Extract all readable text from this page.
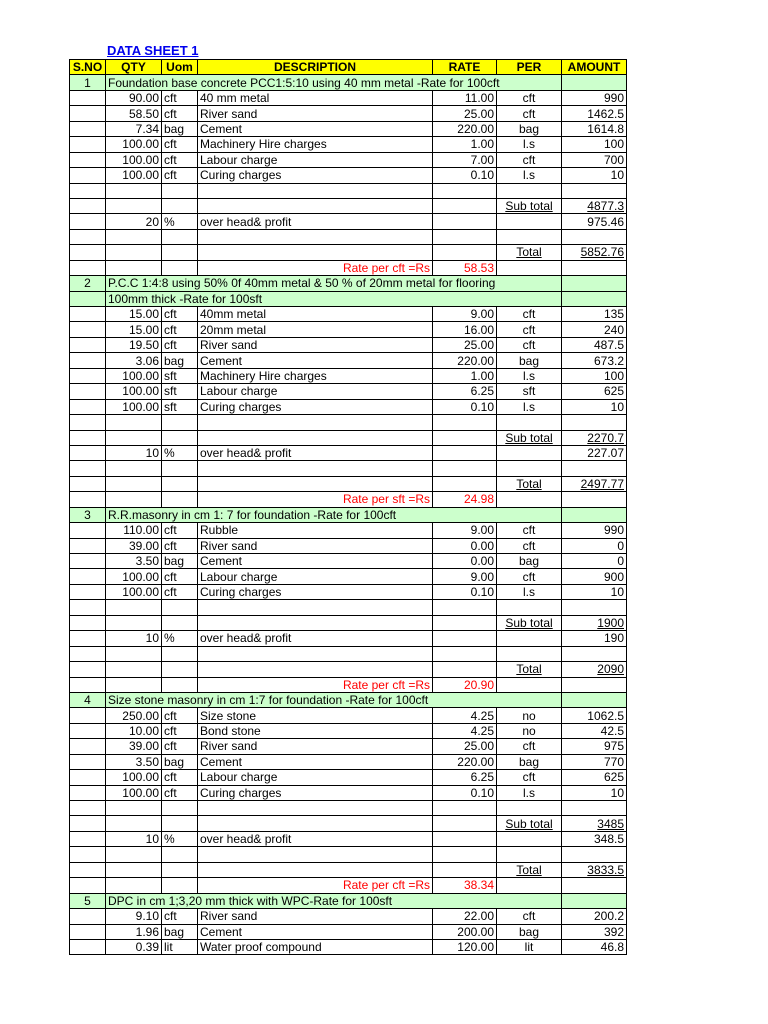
DATA SHEET 1
S.NO	QTY	Uom	DESCRIPTION	RATE	PER	AMOUNT
1	Foundation base concrete PCC1:5:10 using 40 mm metal -Rate for 100cft					
	90.00	cft	40 mm metal	11.00	cft	990
	58.50	cft	River sand	25.00	cft	1462.5
	7.34	bag	Cement	220.00	bag	1614.8
	100.00	cft	Machinery Hire charges	1.00	l.s	100
	100.00	cft	Labour charge	7.00	cft	700
	100.00	cft	Curing charges	0.10	l.s	10

					Sub total	4877.3
	20	%	over head& profit			975.46

					Total	5852.76
			Rate per cft =Rs	58.53		
2	P.C.C 1:4:8 using 50% 0f 40mm metal & 50 % of 20mm metal for flooring					
	100mm thick -Rate for 100sft					
	15.00	cft	40mm metal	9.00	cft	135
	15.00	cft	20mm metal	16.00	cft	240
	19.50	cft	River sand	25.00	cft	487.5
	3.06	bag	Cement	220.00	bag	673.2
	100.00	sft	Machinery Hire charges	1.00	l.s	100
	100.00	sft	Labour charge	6.25	sft	625
	100.00	sft	Curing charges	0.10	l.s	10

					Sub total	2270.7
	10	%	over head& profit			227.07

					Total	2497.77
			Rate per sft =Rs	24.98		
3	R.R.masonry in cm 1: 7 for foundation -Rate for 100cft					
	110.00	cft	Rubble	9.00	cft	990
	39.00	cft	River sand	0.00	cft	0
	3.50	bag	Cement	0.00	bag	0
	100.00	cft	Labour charge	9.00	cft	900
	100.00	cft	Curing charges	0.10	l.s	10

					Sub total	1900
	10	%	over head& profit			190

					Total	2090
			Rate per cft =Rs	20.90		
4	Size stone masonry in cm 1:7 for foundation -Rate for 100cft					
	250.00	cft	Size stone	4.25	no	1062.5
	10.00	cft	Bond stone	4.25	no	42.5
	39.00	cft	River sand	25.00	cft	975
	3.50	bag	Cement	220.00	bag	770
	100.00	cft	Labour charge	6.25	cft	625
	100.00	cft	Curing charges	0.10	l.s	10

					Sub total	3485
	10	%	over head& profit			348.5

					Total	3833.5
			Rate per cft =Rs	38.34		
5	DPC in cm 1;3,20 mm thick with WPC-Rate for 100sft					
	9.10	cft	River sand	22.00	cft	200.2
	1.96	bag	Cement	200.00	bag	392
	0.39	lit	Water proof compound	120.00	lit	46.8
